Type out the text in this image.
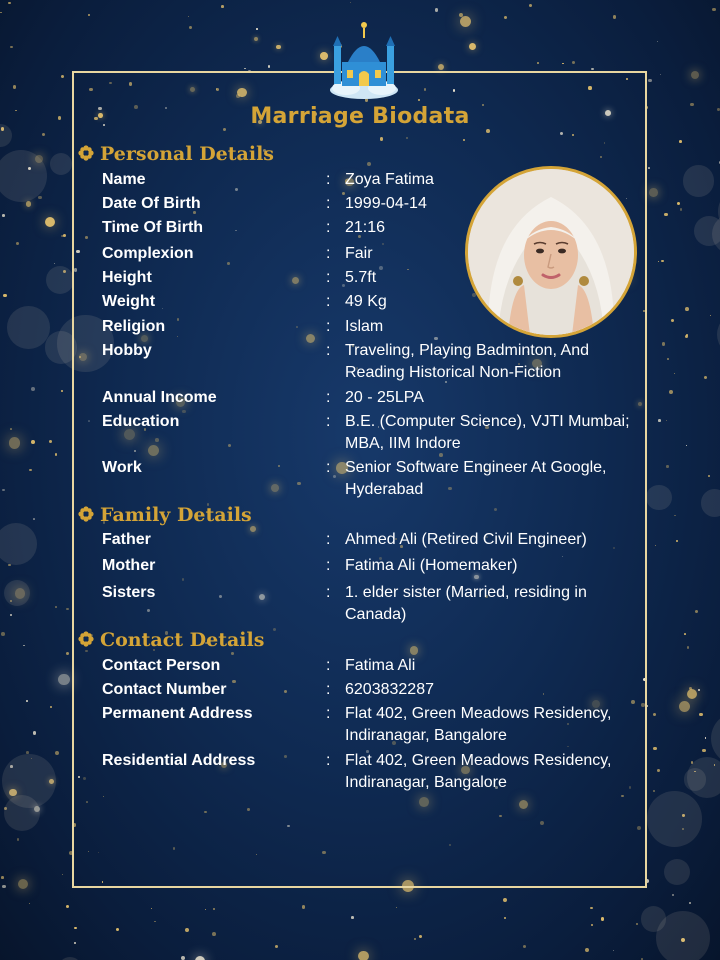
Marriage Biodata
Personal Details
Name	: Zoya Fatima
Date Of Birth	: 1999-04-14
Time Of Birth	: 21:16
Complexion	: Fair
Height	: 5.7ft
Weight	: 49 Kg
Religion	: Islam
Hobby	: Traveling, Playing Badminton, And Reading Historical Non-Fiction
Annual Income	: 20 - 25LPA
Education	: B.E. (Computer Science), VJTI Mumbai; MBA, IIM Indore
Work	: Senior Software Engineer At Google, Hyderabad
Family Details
Father	: Ahmed Ali (Retired Civil Engineer)
Mother	: Fatima Ali (Homemaker)
Sisters	: 1. elder sister (Married, residing in Canada)
Contact Details
Contact Person	: Fatima Ali
Contact Number	: 6203832287
Permanent Address	: Flat 402, Green Meadows Residency, Indiranagar, Bangalore
Residential Address	: Flat 402, Green Meadows Residency, Indiranagar, Bangalore
